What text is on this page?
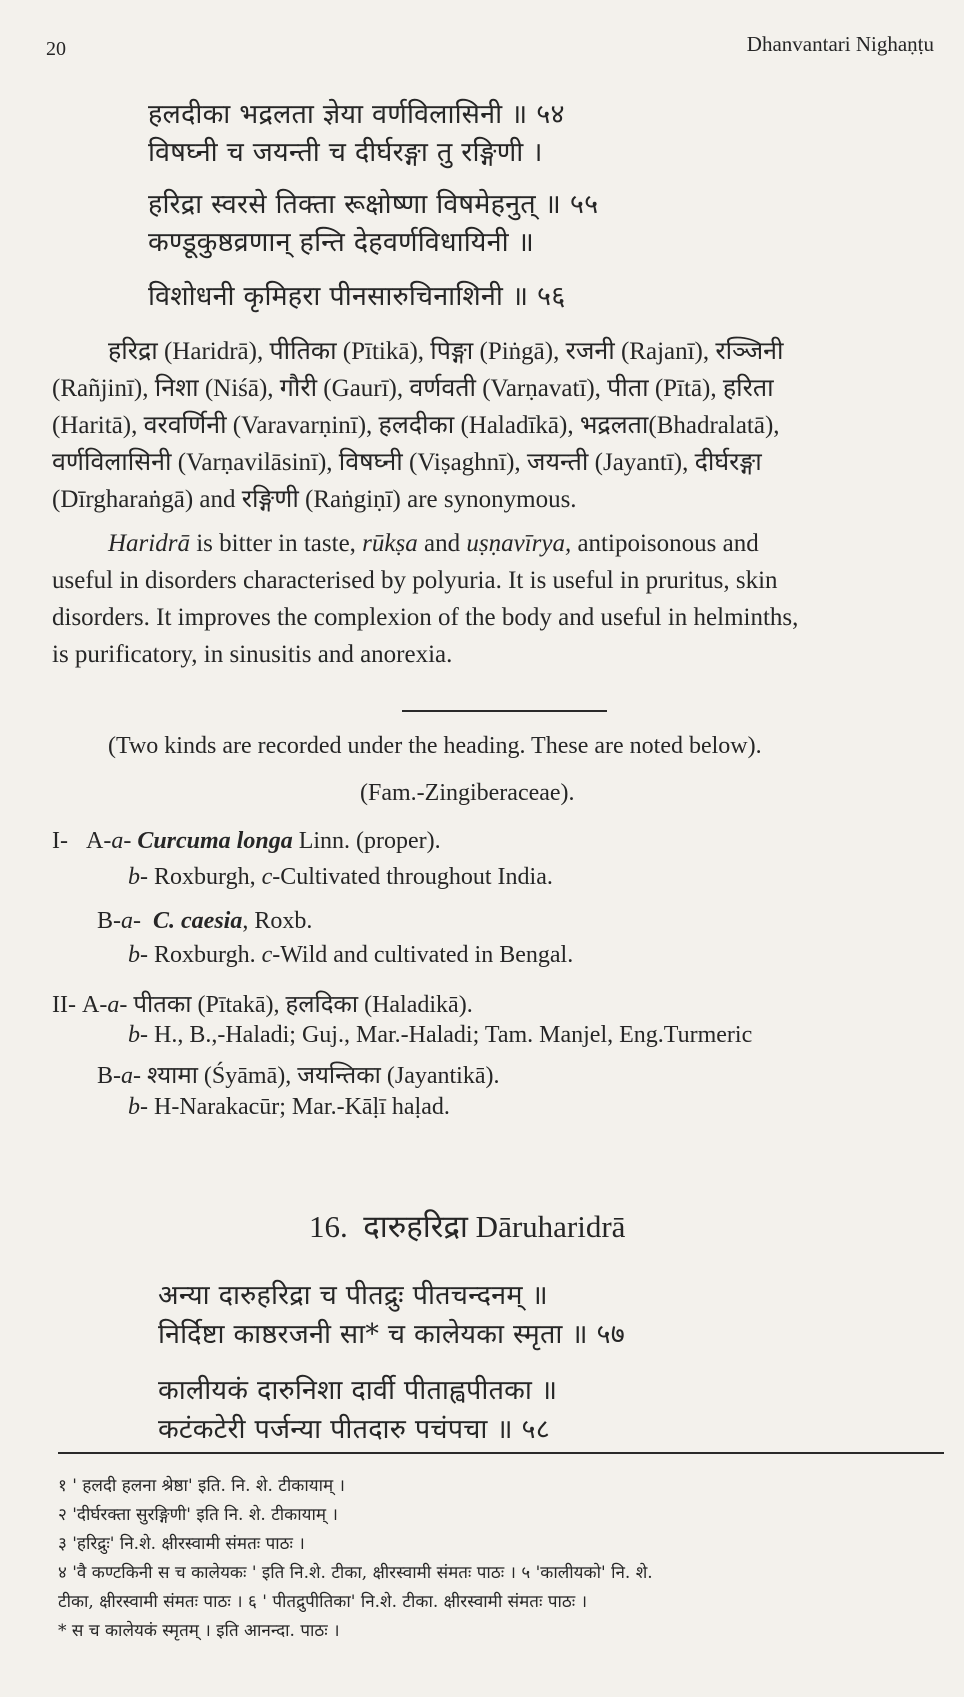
20	Dhanvantari Nighaṇṭu
हलदीका भद्रलता ज्ञेया वर्णविलासिनी ॥ ५४
विषघ्नी च जयन्ती च दीर्घरङ्गा तु रङ्गिणी ।
हरिद्रा स्वरसे तिक्ता रूक्षोष्णा विषमेहनुत् ॥ ५५
कण्डूकुष्ठव्रणान् हन्ति देहवर्णविधायिनी ॥
विशोधनी कृमिहरा पीनसारुचिनाशिनी ॥ ५६
हरिद्रा (Haridrā), पीतिका (Pītikā), पिङ्गा (Piṅgā), रजनी (Rajanī), रञ्जिनी
(Rañjinī), निशा (Niśā), गौरी (Gaurī), वर्णवती (Varṇavatī), पीता (Pītā), हरिता
(Haritā), वरवर्णिनी (Varavarṇinī), हलदीका (Haladīkā), भद्रलता(Bhadralatā),
वर्णविलासिनी (Varṇavilāsinī), विषघ्नी (Viṣaghnī), जयन्ती (Jayantī), दीर्घरङ्गा
(Dīrgharaṅgā) and रङ्गिणी (Raṅgiṇī) are synonymous.
Haridrā is bitter in taste, rūkṣa and uṣṇavīrya, antipoisonous and
useful in disorders characterised by polyuria. It is useful in pruritus, skin
disorders. It improves the complexion of the body and useful in helminths,
is purificatory, in sinusitis and anorexia.
(Two kinds are recorded under the heading. These are noted below).
(Fam.-Zingiberaceae).
I- A-a- Curcuma longa Linn. (proper).
b- Roxburgh, c-Cultivated throughout India.
B-a- C. caesia, Roxb.
b- Roxburgh. c-Wild and cultivated in Bengal.
II- A-a- पीतका (Pītakā), हलदिका (Haladikā).
b- H., B.,-Haladi; Guj., Mar.-Haladi; Tam. Manjel, Eng.Turmeric
B-a- श्यामा (Śyāmā), जयन्तिका (Jayantikā).
b- H-Narakacūr; Mar.-Kāḷī haḷad.
16. दारुहरिद्रा Dāruharidrā
अन्या दारुहरिद्रा च पीतद्रुः पीतचन्दनम् ॥
निर्दिष्टा काष्ठरजनी सा* च कालेयका स्मृता ॥ ५७
कालीयकं दारुनिशा दार्वी पीताह्वपीतका ॥
कटंकटेरी पर्जन्या पीतदारु पचंपचा ॥ ५८
१ ' हलदी हलना श्रेष्ठा' इति. नि. शे. टीकायाम् ।
२ 'दीर्घरक्ता सुरङ्गिणी' इति नि. शे. टीकायाम् ।
३ 'हरिद्रुः' नि.शे. क्षीरस्वामी संमतः पाठः ।
४ 'वै कण्टकिनी स च कालेयकः ' इति नि.शे. टीका, क्षीरस्वामी संमतः पाठः । ५ 'कालीयको' नि. शे.
टीका, क्षीरस्वामी संमतः पाठः । ६ ' पीतद्रुपीतिका' नि.शे. टीका. क्षीरस्वामी संमतः पाठः ।
* स च कालेयकं स्मृतम् । इति आनन्दा. पाठः ।
